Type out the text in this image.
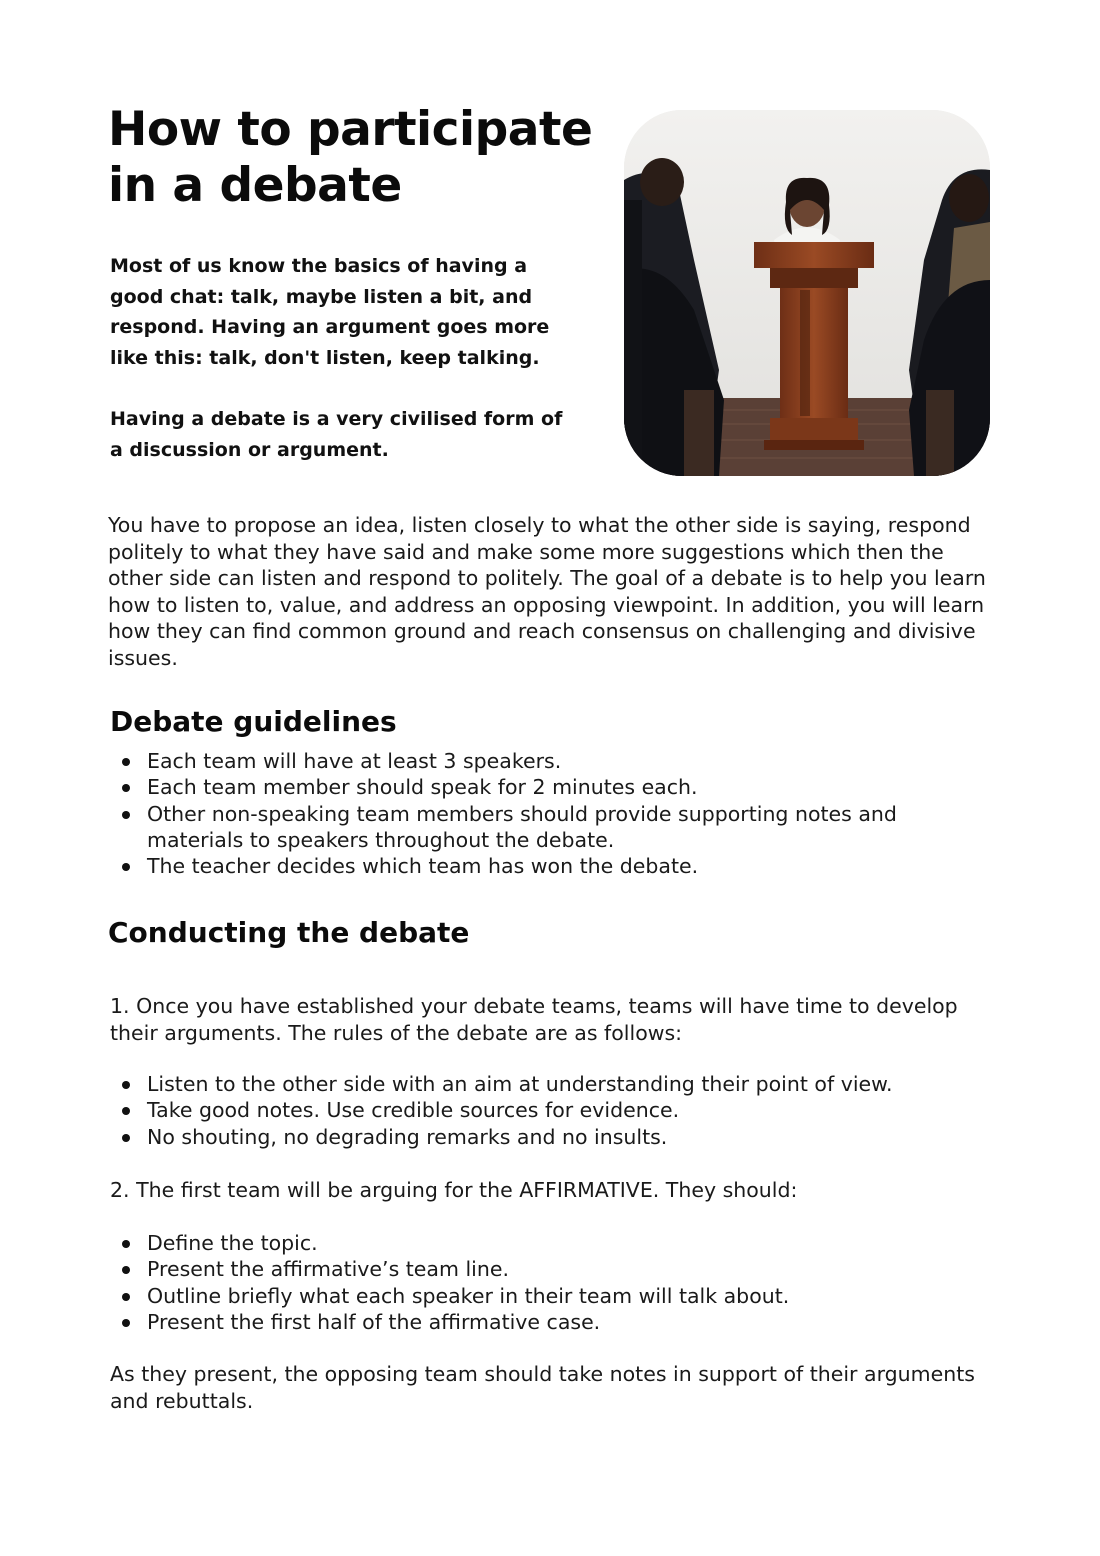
How to participate
in a debate

Most of us know the basics of having a good chat: talk, maybe listen a bit, and respond. Having an argument goes more like this: talk, don't listen, keep talking.

Having a debate is a very civilised form of a discussion or argument.

You have to propose an idea, listen closely to what the other side is saying, respond politely to what they have said and make some more suggestions which then the other side can listen and respond to politely. The goal of a debate is to help you learn how to listen to, value, and address an opposing viewpoint. In addition, you will learn how they can find common ground and reach consensus on challenging and divisive issues.

Debate guidelines
Each team will have at least 3 speakers.
Each team member should speak for 2 minutes each.
Other non-speaking team members should provide supporting notes and materials to speakers throughout the debate.
The teacher decides which team has won the debate.
Conducting the debate

1. Once you have established your debate teams, teams will have time to develop their arguments. The rules of the debate are as follows:

Listen to the other side with an aim at understanding their point of view.
Take good notes. Use credible sources for evidence.
No shouting, no degrading remarks and no insults.

2. The first team will be arguing for the AFFIRMATIVE. They should:

Define the topic.
Present the affirmative’s team line.
Outline briefly what each speaker in their team will talk about.
Present the first half of the affirmative case.

As they present, the opposing team should take notes in support of their arguments and rebuttals.
